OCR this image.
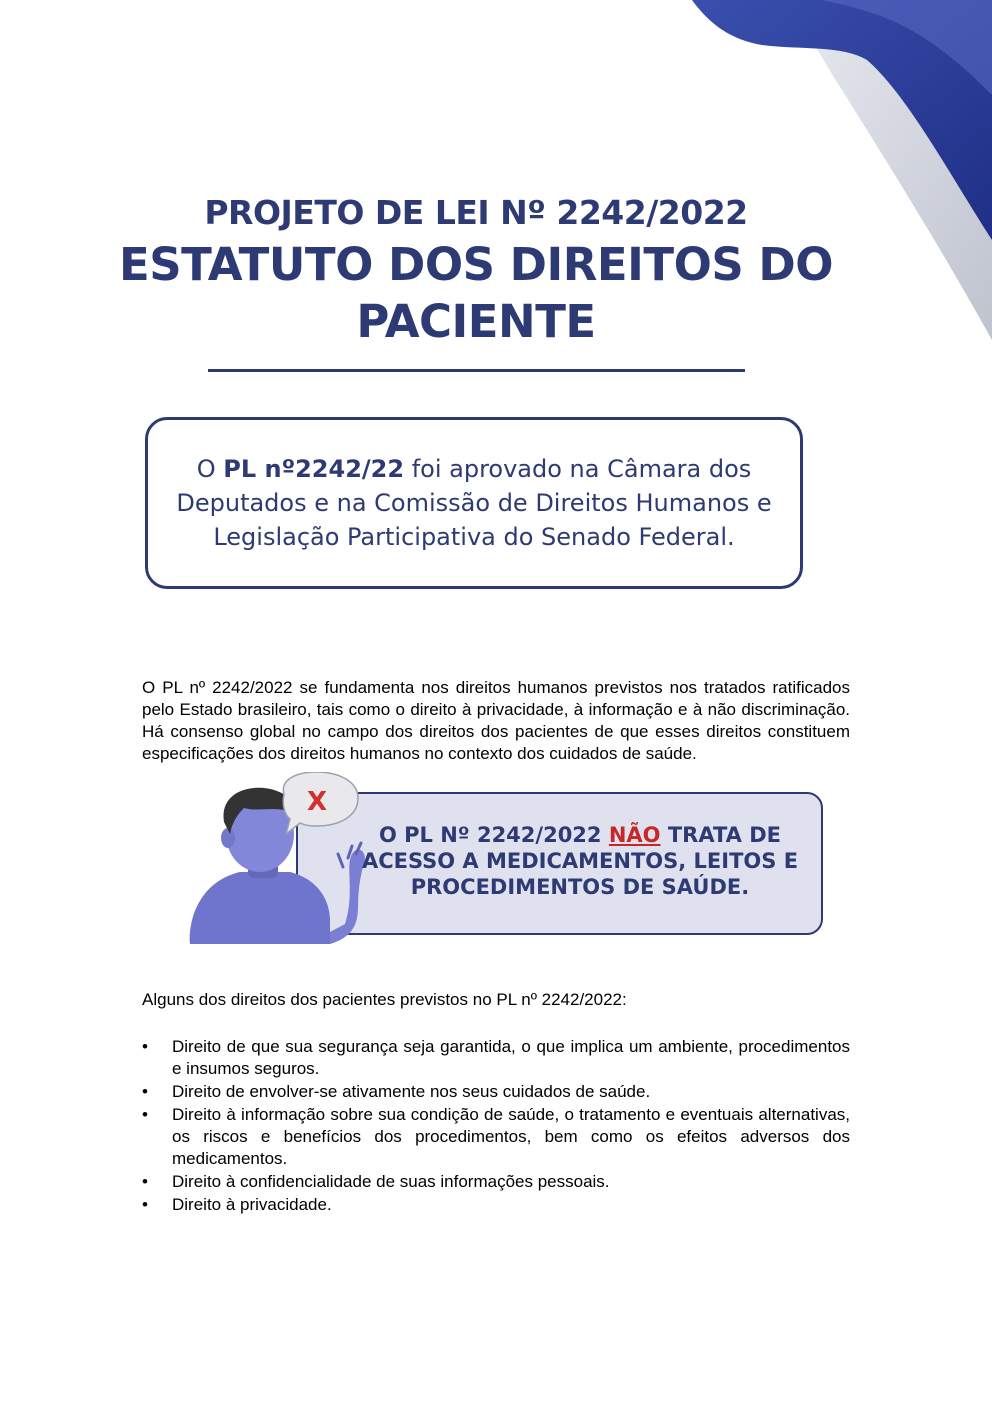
PROJETO DE LEI Nº 2242/2022
ESTATUTO DOS DIREITOS DO
PACIENTE
O PL nº2242/22 foi aprovado na Câmara dos Deputados e na Comissão de Direitos Humanos e Legislação Participativa do Senado Federal.

O PL nº 2242/2022 se fundamenta nos direitos humanos previstos nos tratados ratificados pelo Estado brasileiro, tais como o direito à privacidade, à informação e à não discriminação. Há consenso global no campo dos direitos dos pacientes de que esses direitos constituem especificações dos direitos humanos no contexto dos cuidados de saúde.

X
O PL Nº 2242/2022 NÃO TRATA DE ACESSO A MEDICAMENTOS, LEITOS E PROCEDIMENTOS DE SAÚDE.
Alguns dos direitos dos pacientes previstos no PL nº 2242/2022:
• Direito de que sua segurança seja garantida, o que implica um ambiente, procedimentos e insumos seguros.
• Direito de envolver-se ativamente nos seus cuidados de saúde.
• Direito à informação sobre sua condição de saúde, o tratamento e eventuais alternativas, os riscos e benefícios dos procedimentos, bem como os efeitos adversos dos medicamentos.
• Direito à confidencialidade de suas informações pessoais.
• Direito à privacidade.
